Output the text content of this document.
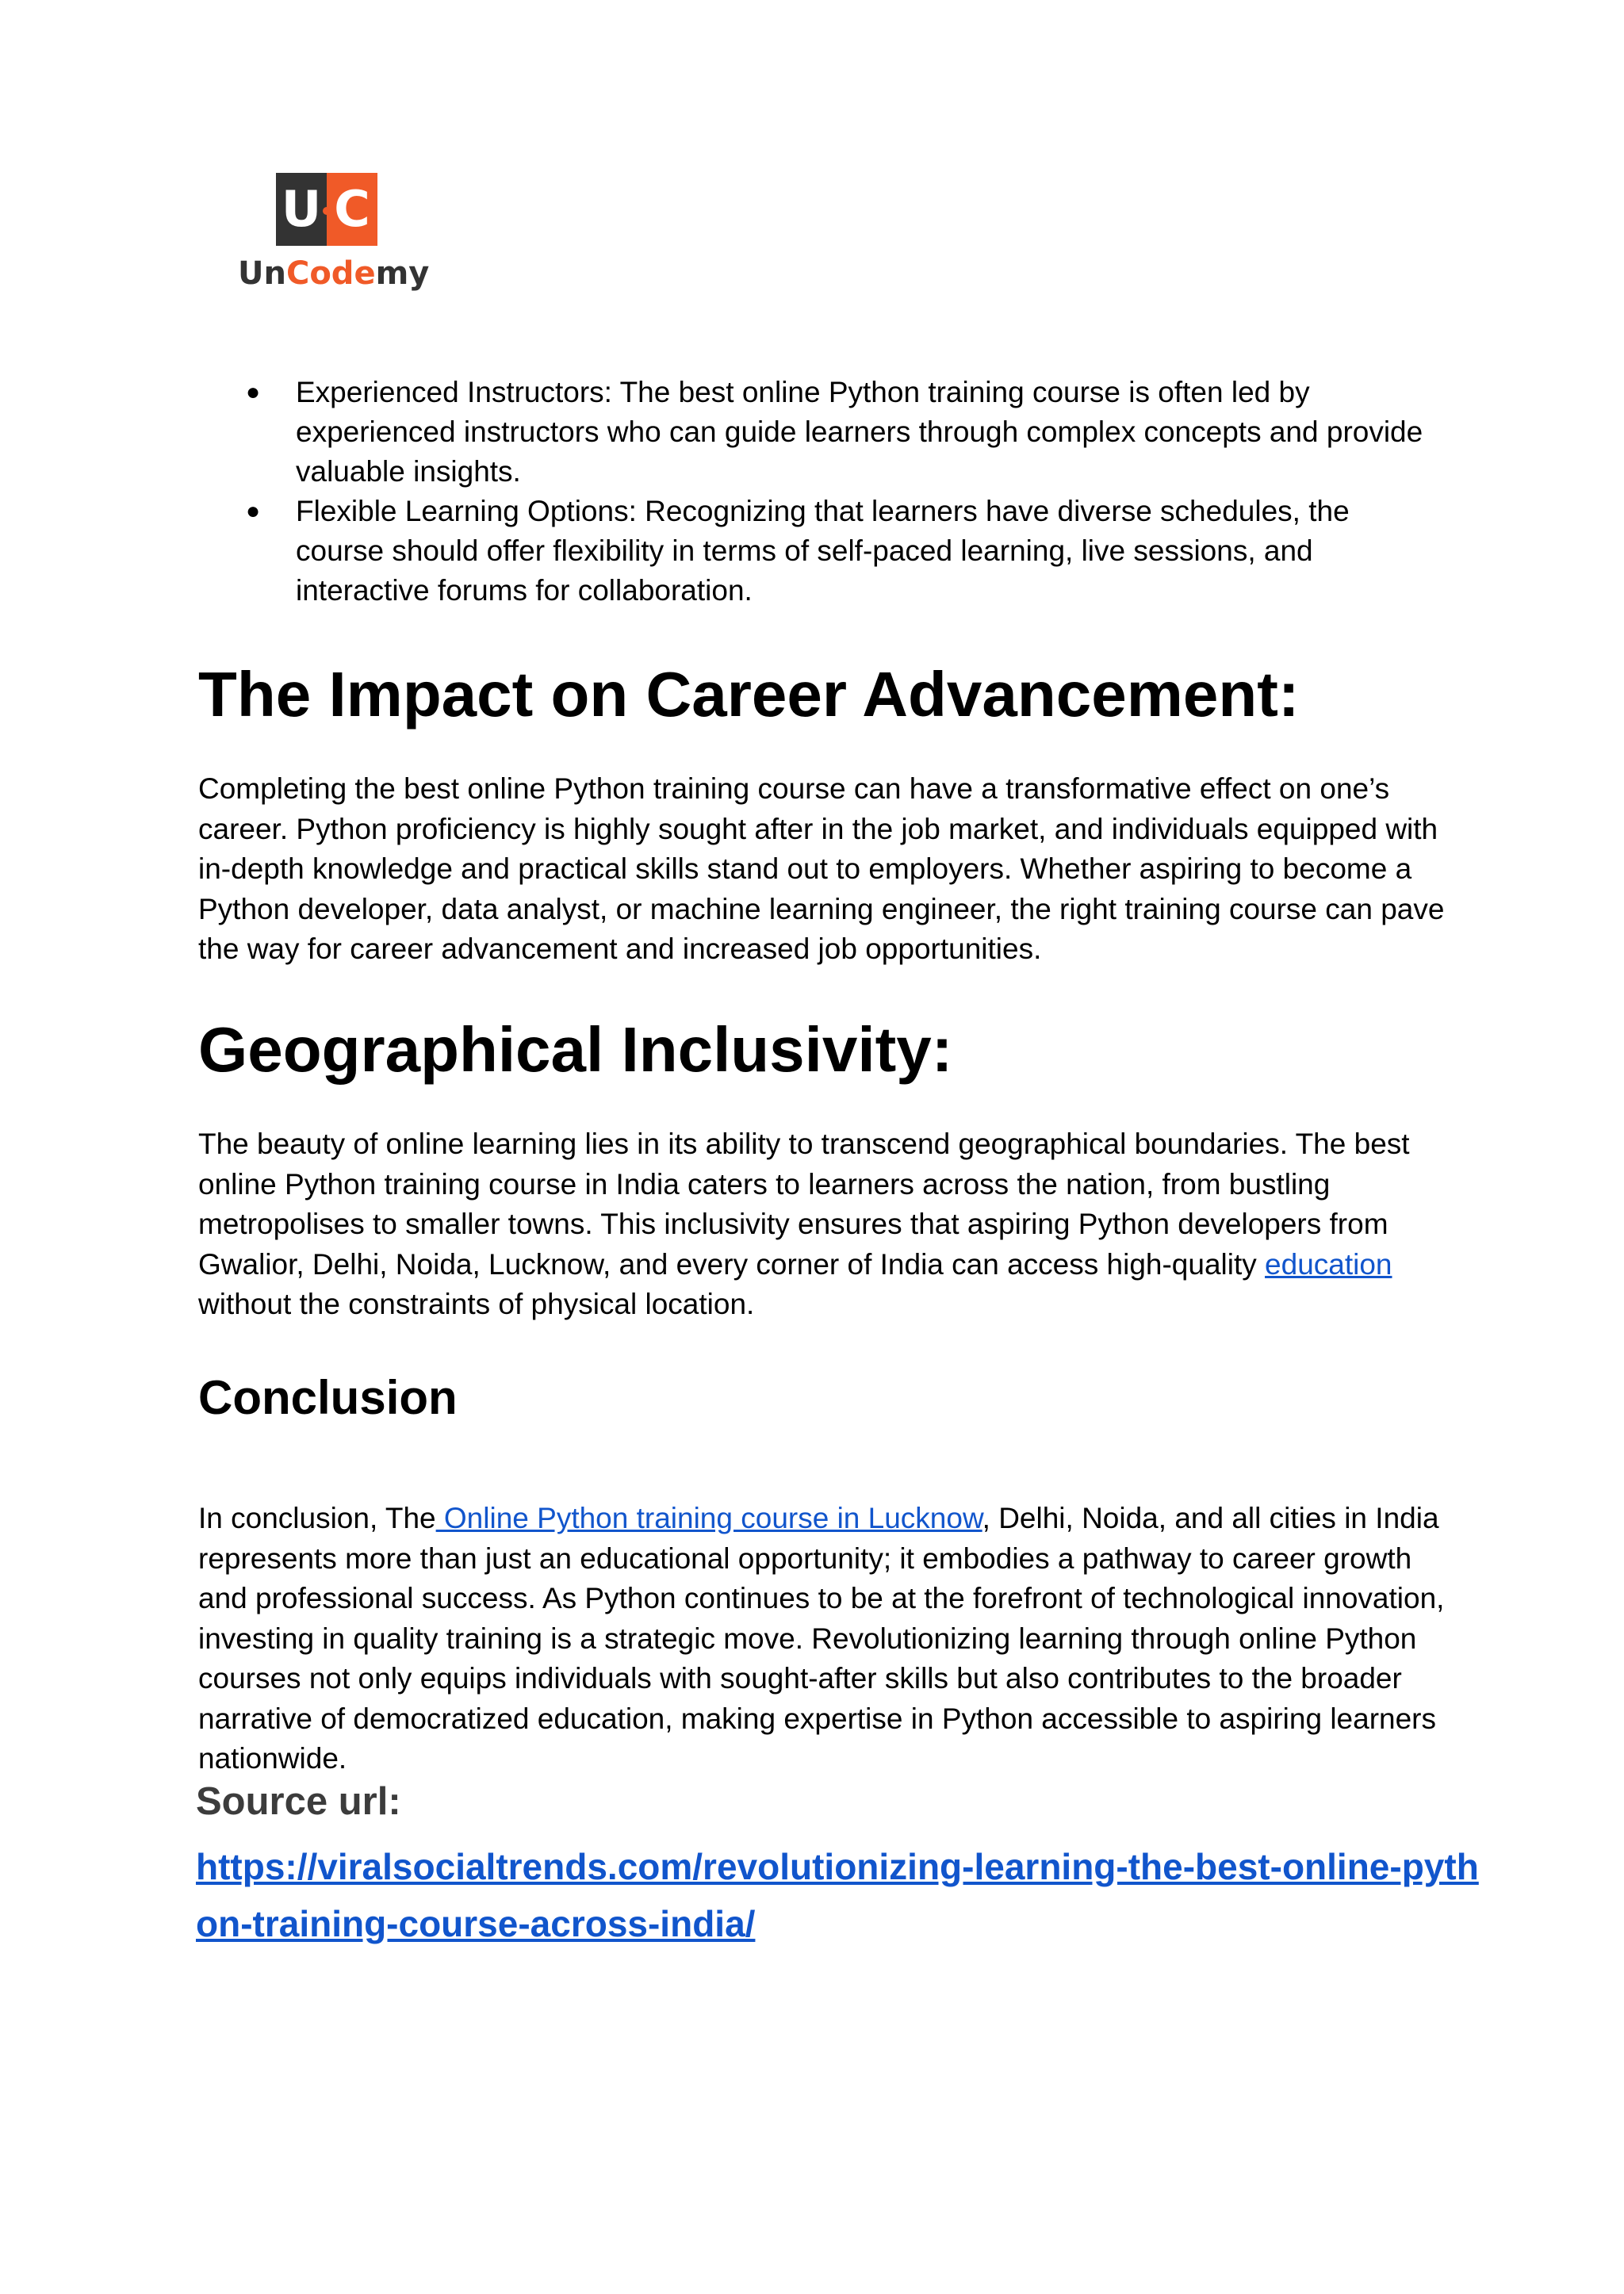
U C
UnCodemy
● Experienced Instructors: The best online Python training course is often led by experienced instructors who can guide learners through complex concepts and provide valuable insights.
● Flexible Learning Options: Recognizing that learners have diverse schedules, the course should offer flexibility in terms of self-paced learning, live sessions, and interactive forums for collaboration.
The Impact on Career Advancement:

Completing the best online Python training course can have a transformative effect on one’s career. Python proficiency is highly sought after in the job market, and individuals equipped with in-depth knowledge and practical skills stand out to employers. Whether aspiring to become a Python developer, data analyst, or machine learning engineer, the right training course can pave the way for career advancement and increased job opportunities.

Geographical Inclusivity:

The beauty of online learning lies in its ability to transcend geographical boundaries. The best online Python training course in India caters to learners across the nation, from bustling metropolises to smaller towns. This inclusivity ensures that aspiring Python developers from Gwalior, Delhi, Noida, Lucknow, and every corner of India can access high-quality education without the constraints of physical location.

Conclusion

In conclusion, The Online Python training course in Lucknow, Delhi, Noida, and all cities in India represents more than just an educational opportunity; it embodies a pathway to career growth and professional success. As Python continues to be at the forefront of technological innovation, investing in quality training is a strategic move. Revolutionizing learning through online Python courses not only equips individuals with sought-after skills but also contributes to the broader narrative of democratized education, making expertise in Python accessible to aspiring learners nationwide.

Source url:

https://viralsocialtrends.com/revolutionizing-learning-the-best-online-python-training-course-across-india/
